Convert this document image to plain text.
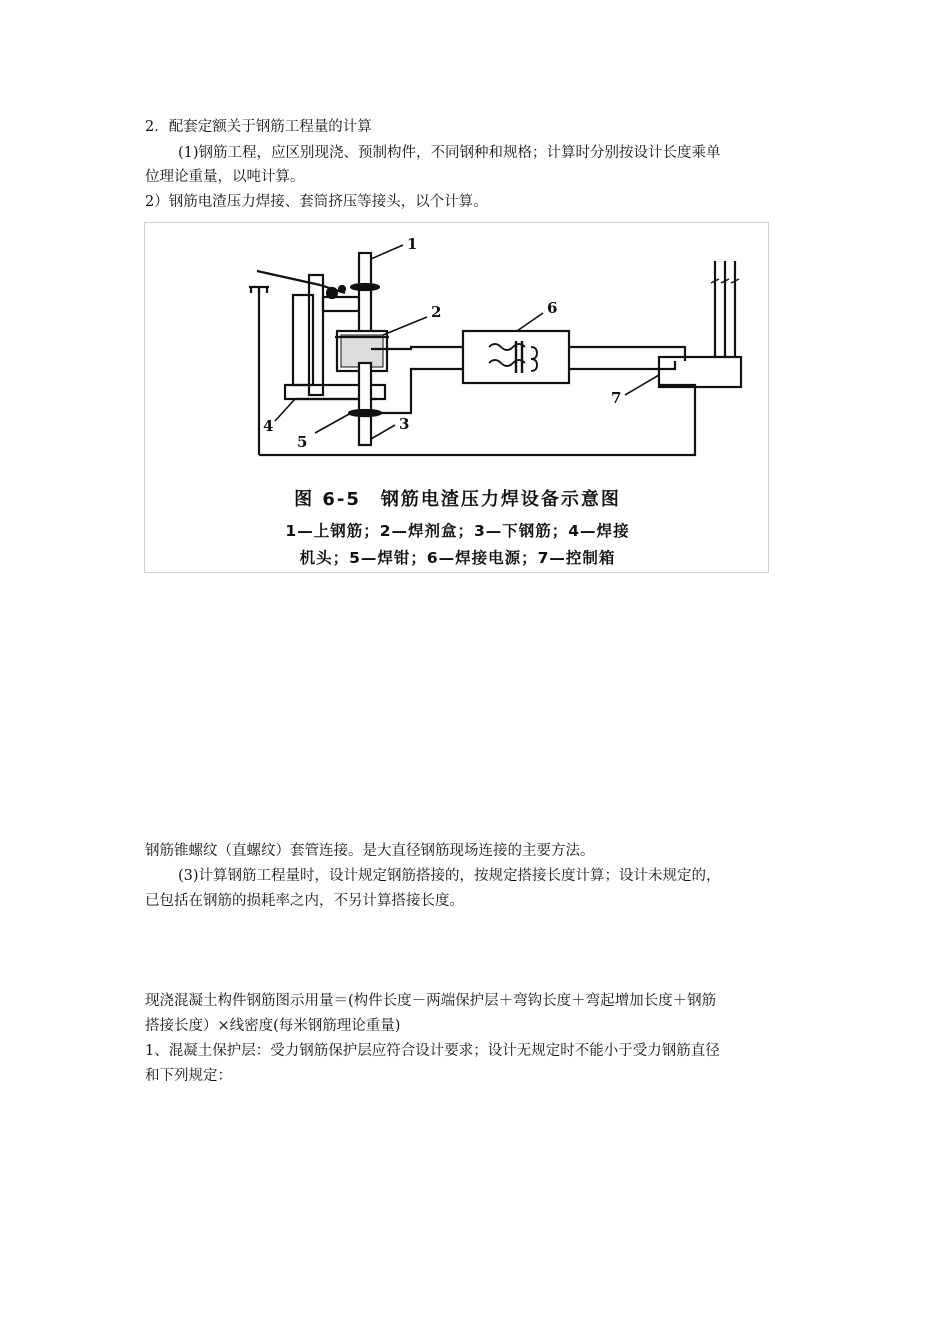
2．配套定额关于钢筋工程量的计算
(1)钢筋工程，应区别现浇、预制构件，不同钢种和规格；计算时分别按设计长度乘单
位理论重量，以吨计算。
2）钢筋电渣压力焊接、套筒挤压等接头，以个计算。
1
2
3
4
5
6
7
图 6-5　钢筋电渣压力焊设备示意图
1—上钢筋；2—焊剂盒；3—下钢筋；4—焊接
机头；5—焊钳；6—焊接电源；7—控制箱
钢筋锥螺纹（直螺纹）套管连接。是大直径钢筋现场连接的主要方法。
(3)计算钢筋工程量时，设计规定钢筋搭接的，按规定搭接长度计算；设计未规定的，
已包括在钢筋的损耗率之内，不另计算搭接长度。
现浇混凝土构件钢筋图示用量＝(构件长度－两端保护层＋弯钩长度＋弯起增加长度＋钢筋
搭接长度）×线密度(每米钢筋理论重量)
1、混凝土保护层：受力钢筋保护层应符合设计要求；设计无规定时不能小于受力钢筋直径
和下列规定：
